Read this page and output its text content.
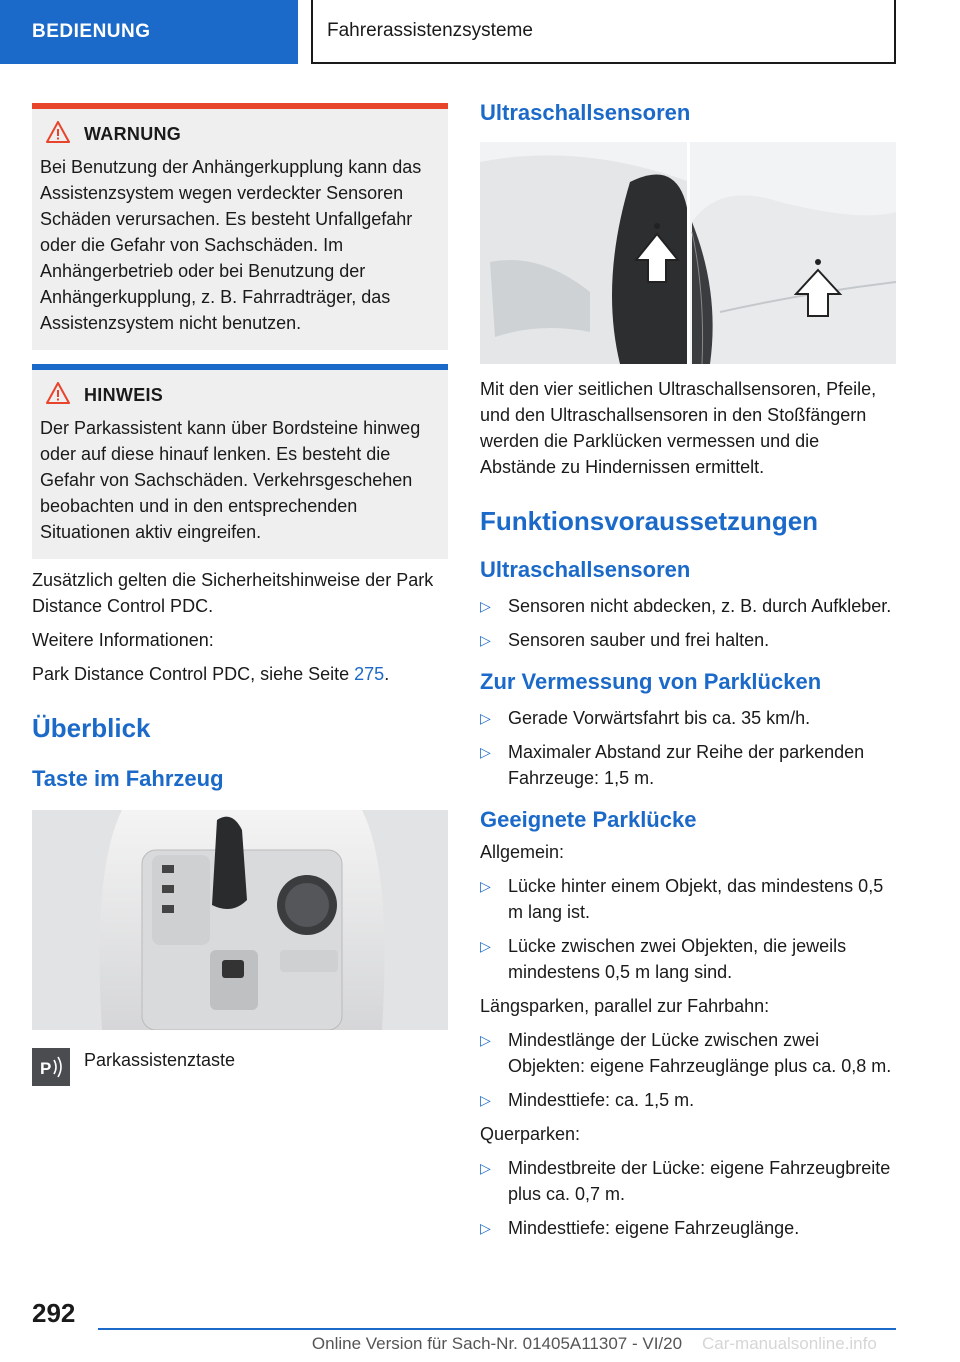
BEDIENUNG	Fahrerassistenzsysteme
WARNUNG
Bei Benutzung der Anhängerkupplung kann das Assistenzsystem wegen verdeckter Sensoren Schäden verursachen. Es besteht Unfallgefahr oder die Gefahr von Sachschäden. Im Anhängerbetrieb oder bei Benutzung der Anhängerkupplung, z. B. Fahrradträger, das Assistenzsystem nicht benutzen.
HINWEIS
Der Parkassistent kann über Bordsteine hinweg oder auf diese hinauf lenken. Es besteht die Gefahr von Sachschäden. Verkehrsgeschehen beobachten und in den entsprechenden Situationen aktiv eingreifen.

Zusätzlich gelten die Sicherheitshinweise der Park Distance Control PDC.

Weitere Informationen:

Park Distance Control PDC, siehe Seite 275.

Überblick
Taste im Fahrzeug
P Parkassistenztaste
Ultraschallsensoren

Mit den vier seitlichen Ultraschallsensoren, Pfeile, und den Ultraschallsensoren in den Stoßfängern werden die Parklücken vermessen und die Abstände zu Hindernissen ermittelt.

Funktionsvoraussetzungen
Ultraschallsensoren
▷ Sensoren nicht abdecken, z. B. durch Aufkleber.
▷ Sensoren sauber und frei halten.
Zur Vermessung von Parklücken
▷ Gerade Vorwärtsfahrt bis ca. 35 km/h.
▷ Maximaler Abstand zur Reihe der parkenden Fahrzeuge: 1,5 m.
Geeignete Parklücke

Allgemein:

▷ Lücke hinter einem Objekt, das mindestens 0,5 m lang ist.
▷ Lücke zwischen zwei Objekten, die jeweils mindestens 0,5 m lang sind.

Längsparken, parallel zur Fahrbahn:

▷ Mindestlänge der Lücke zwischen zwei Objekten: eigene Fahrzeuglänge plus ca. 0,8 m.
▷ Mindesttiefe: ca. 1,5 m.

Querparken:

▷ Mindestbreite der Lücke: eigene Fahrzeugbreite plus ca. 0,7 m.
▷ Mindesttiefe: eigene Fahrzeuglänge.
292
Online Version für Sach-Nr. 01405A11307 - VI/20	Car-manualsonline.info
